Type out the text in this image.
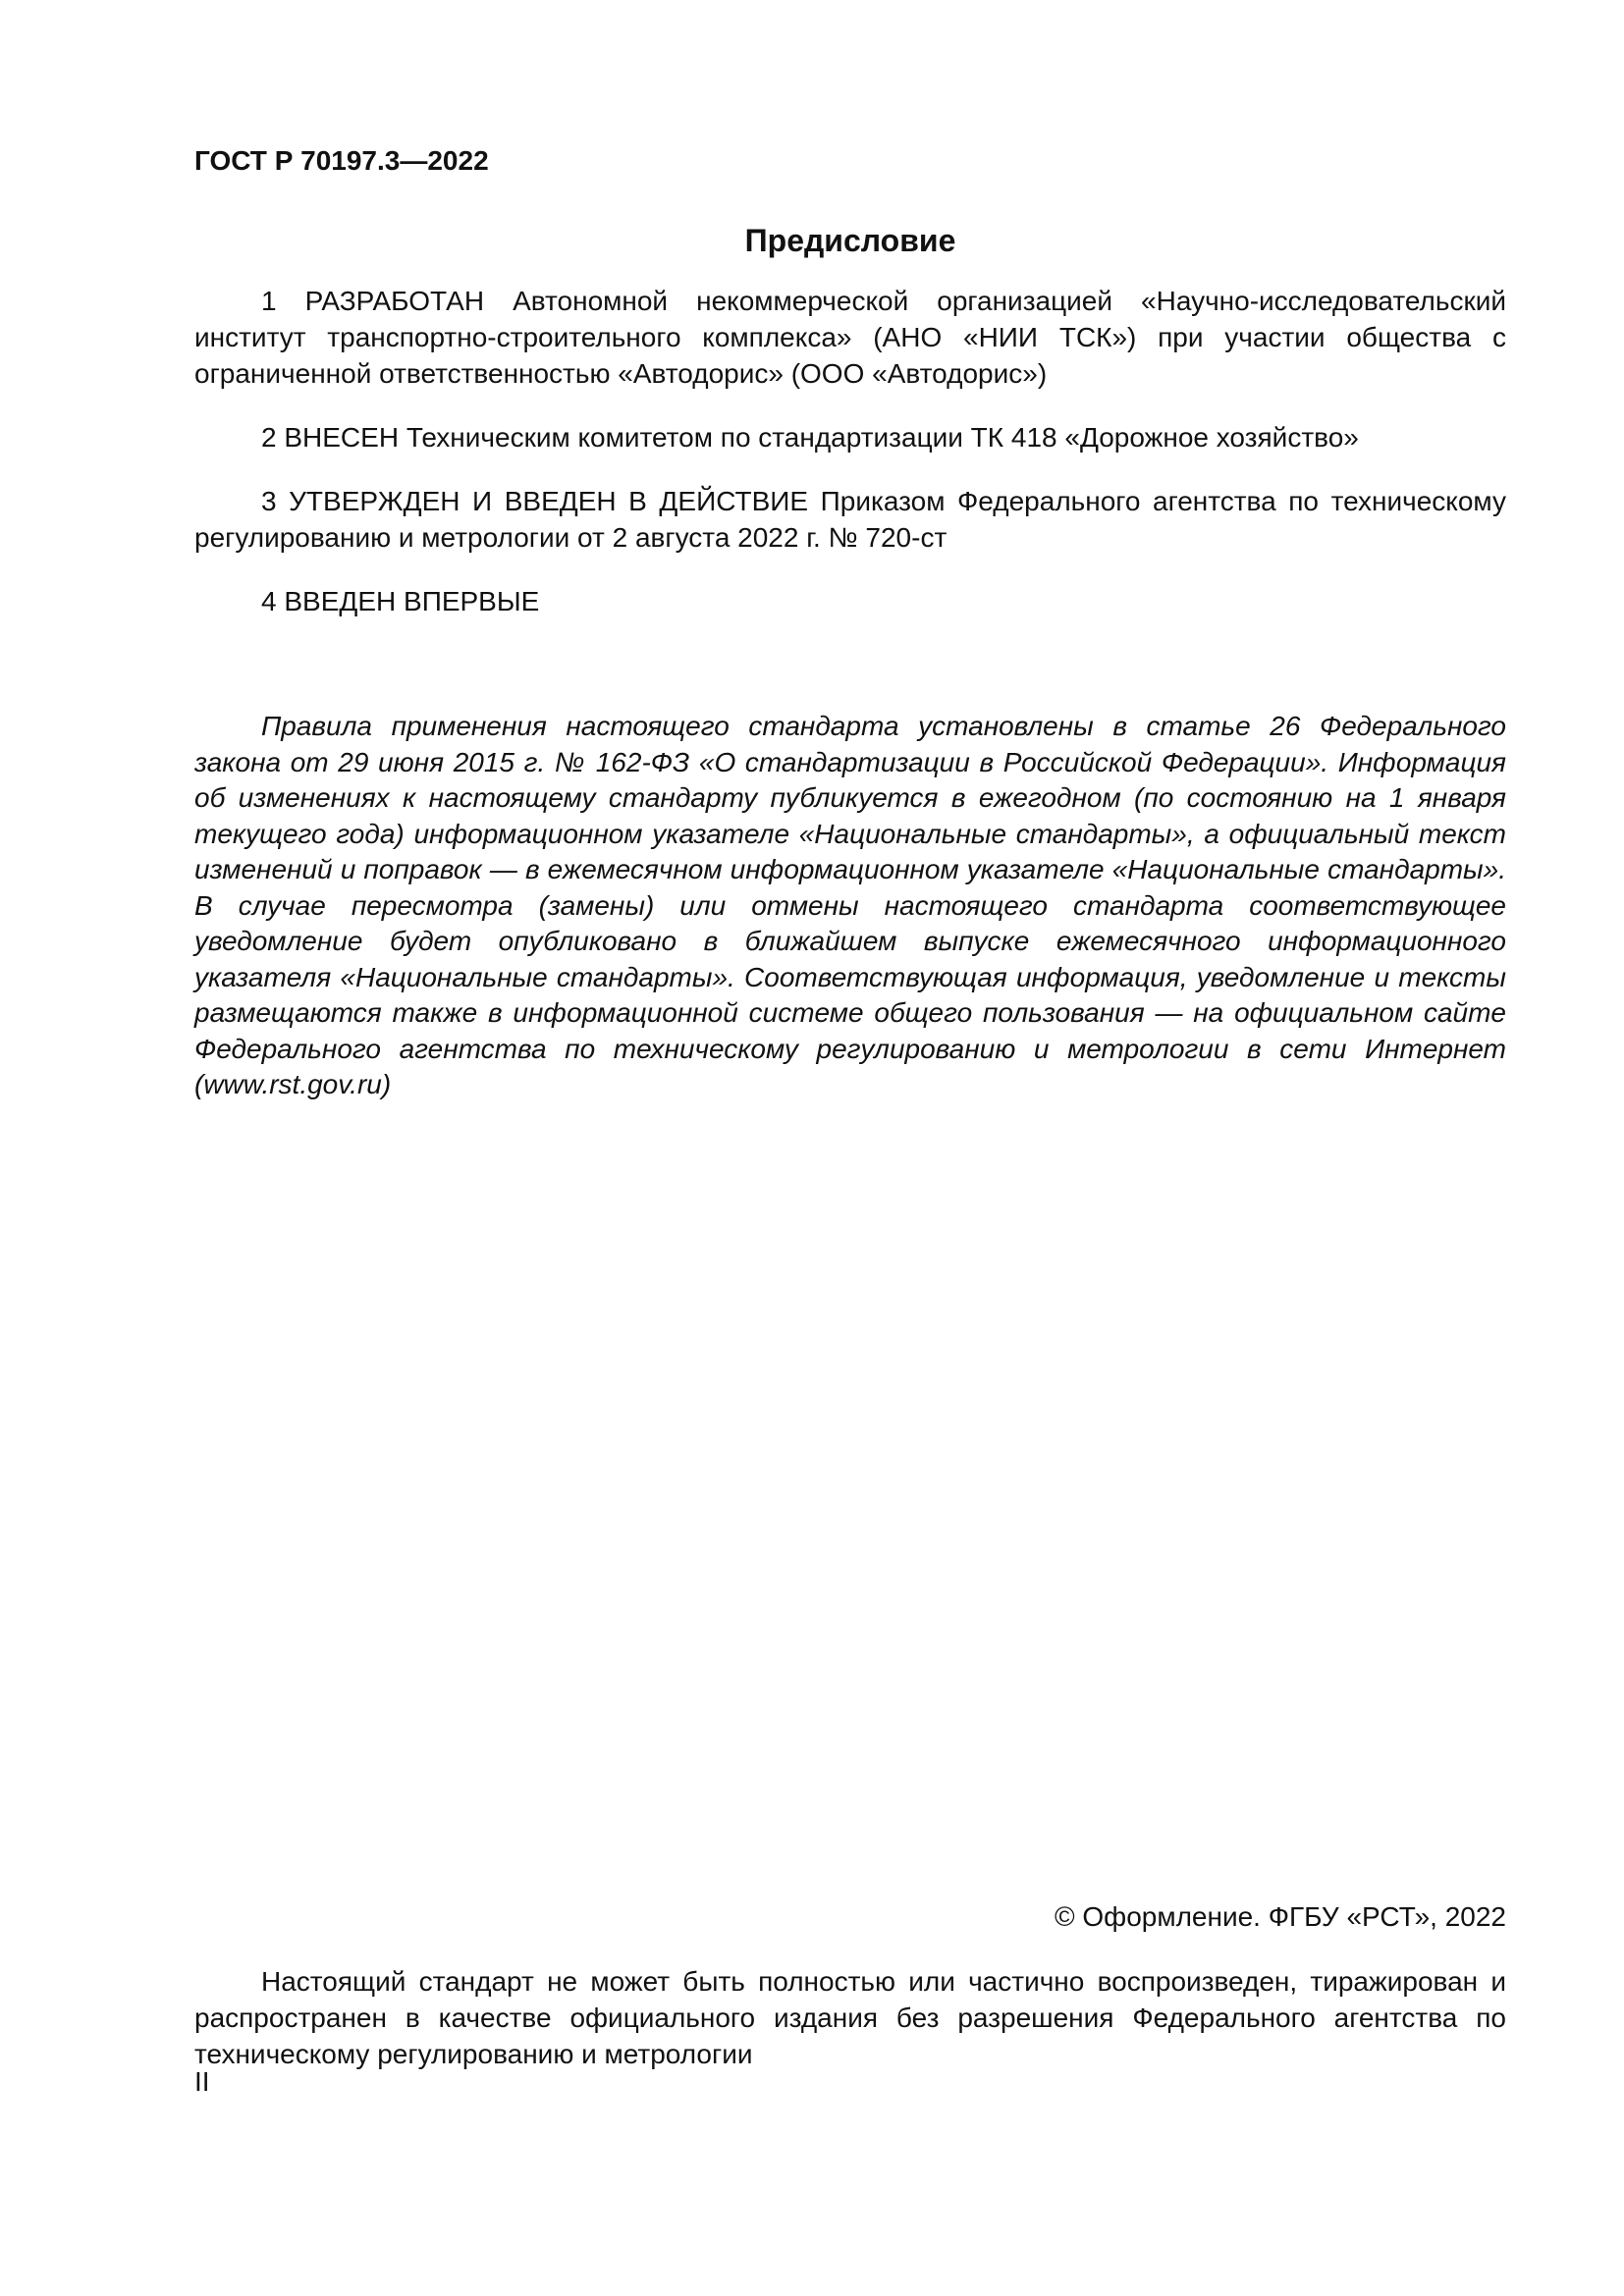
ГОСТ Р 70197.3—2022
Предисловие

1 РАЗРАБОТАН Автономной некоммерческой организацией «Научно-исследовательский институт транспортно-строительного комплекса» (АНО «НИИ ТСК») при участии общества с ограниченной ответственностью «Автодорис» (ООО «Автодорис»)

2 ВНЕСЕН Техническим комитетом по стандартизации ТК 418 «Дорожное хозяйство»

3 УТВЕРЖДЕН И ВВЕДЕН В ДЕЙСТВИЕ Приказом Федерального агентства по техническому регулированию и метрологии от 2 августа 2022 г. № 720-ст

4 ВВЕДЕН ВПЕРВЫЕ

Правила применения настоящего стандарта установлены в статье 26 Федерального закона от 29 июня 2015 г. № 162-ФЗ «О стандартизации в Российской Федерации». Информация об изменениях к настоящему стандарту публикуется в ежегодном (по состоянию на 1 января текущего года) информационном указателе «Национальные стандарты», а официальный текст изменений и поправок — в ежемесячном информационном указателе «Национальные стандарты». В случае пересмотра (замены) или отмены настоящего стандарта соответствующее уведомление будет опубликовано в ближайшем выпуске ежемесячного информационного указателя «Национальные стандарты». Соответствующая информация, уведомление и тексты размещаются также в информационной системе общего пользования — на официальном сайте Федерального агентства по техническому регулированию и метрологии в сети Интернет (www.rst.gov.ru)
© Оформление. ФГБУ «РСТ», 2022
Настоящий стандарт не может быть полностью или частично воспроизведен, тиражирован и распространен в качестве официального издания без разрешения Федерального агентства по техническому регулированию и метрологии
II
